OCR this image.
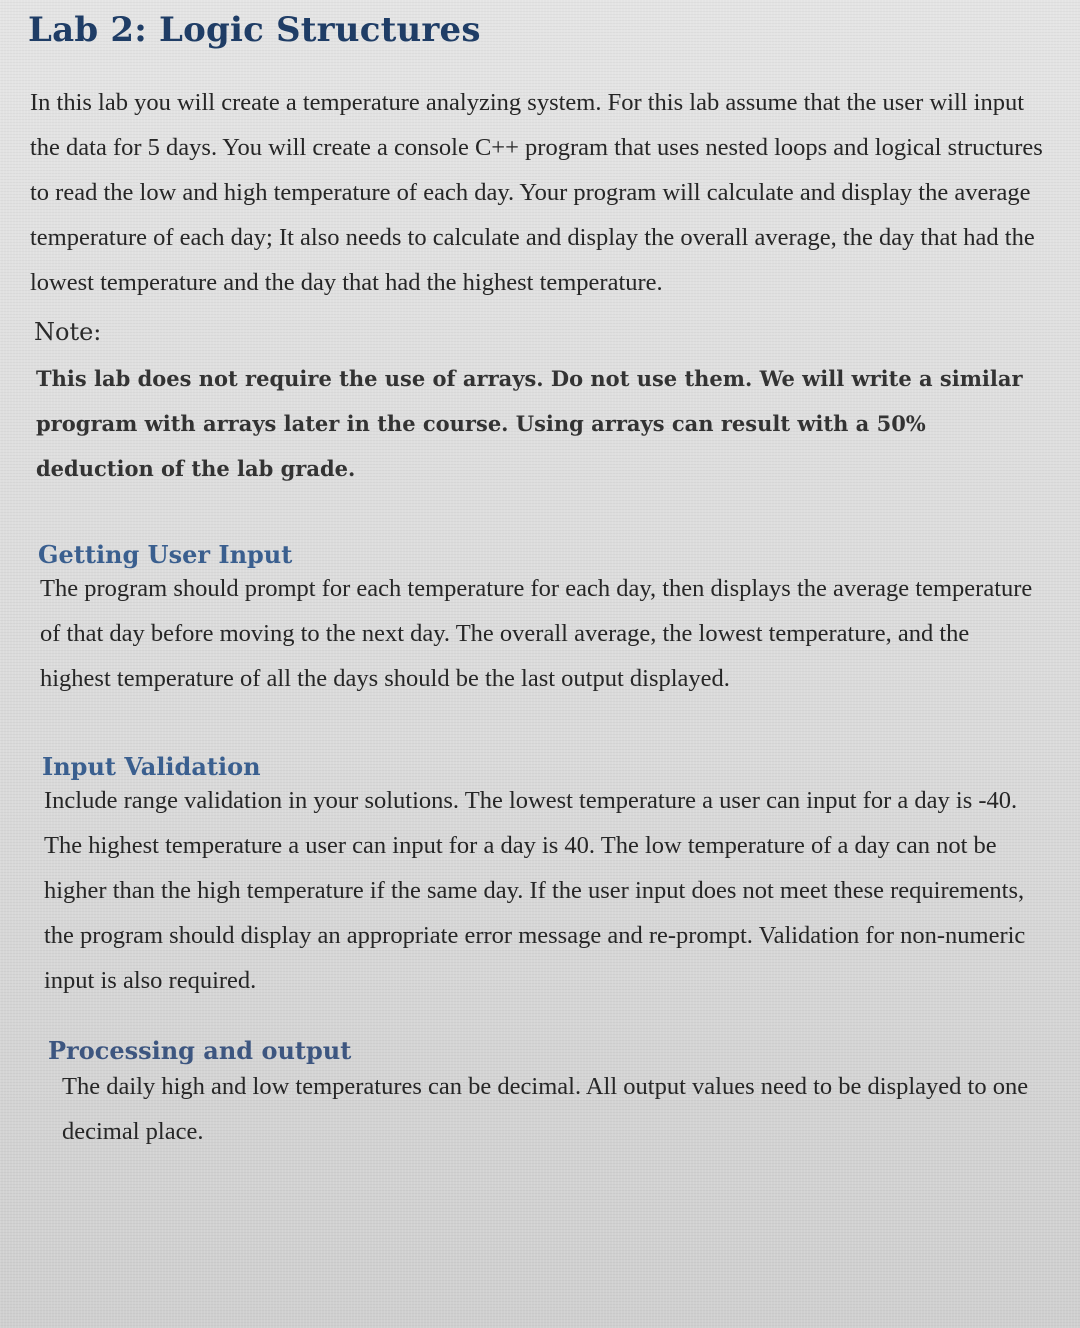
Lab 2: Logic Structures

In this lab you will create a temperature analyzing system. For this lab assume that the user will input the data for 5 days. You will create a console C++ program that uses nested loops and logical structures to read the low and high temperature of each day. Your program will calculate and display the average temperature of each day; It also needs to calculate and display the overall average, the day that had the lowest temperature and the day that had the highest temperature.

Note:

This lab does not require the use of arrays. Do not use them. We will write a similar program with arrays later in the course. Using arrays can result with a 50% deduction of the lab grade.

Getting User Input

The program should prompt for each temperature for each day, then displays the average temperature of that day before moving to the next day. The overall average, the lowest temperature, and the highest temperature of all the days should be the last output displayed.

Input Validation

Include range validation in your solutions. The lowest temperature a user can input for a day is -40. The highest temperature a user can input for a day is 40. The low temperature of a day can not be higher than the high temperature if the same day. If the user input does not meet these requirements, the program should display an appropriate error message and re-prompt. Validation for non-numeric input is also required.

Processing and output

The daily high and low temperatures can be decimal. All output values need to be displayed to one decimal place.
